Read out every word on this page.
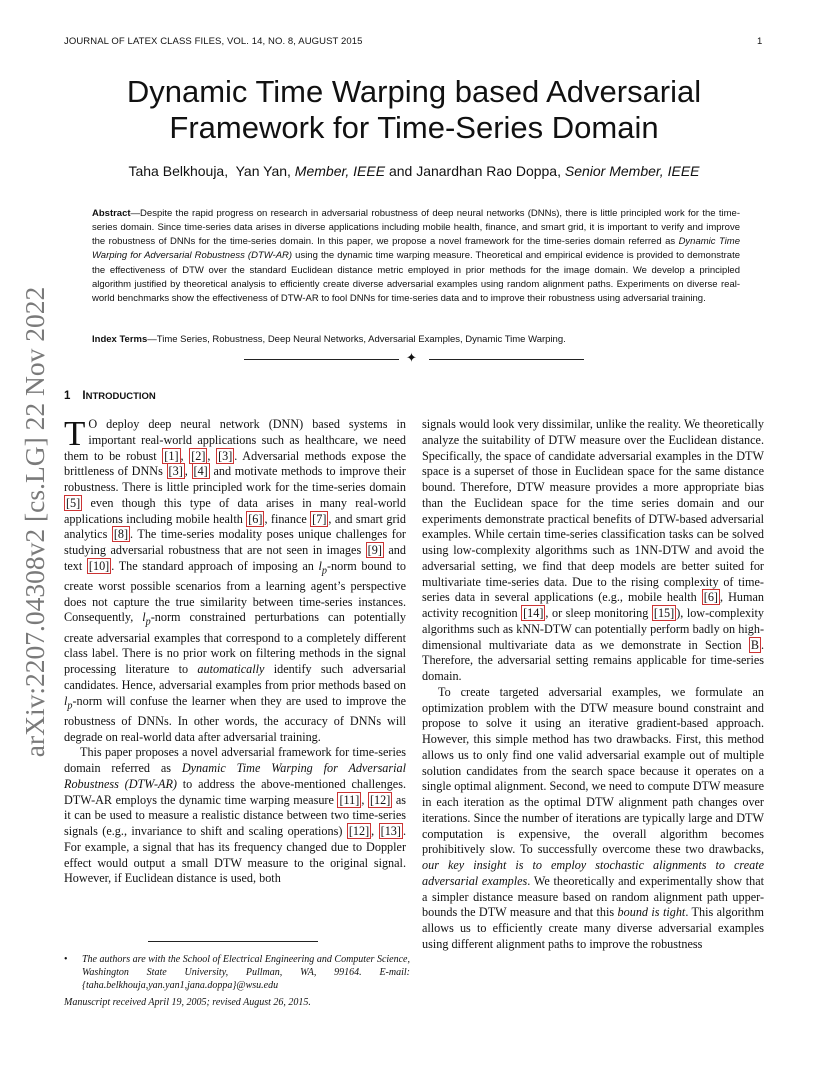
JOURNAL OF LATEX CLASS FILES, VOL. 14, NO. 8, AUGUST 2015	1
arXiv:2207.04308v2 [cs.LG] 22 Nov 2022
Dynamic Time Warping based Adversarial Framework for Time-Series Domain
Taha Belkhouja,  Yan Yan, Member, IEEE and Janardhan Rao Doppa, Senior Member, IEEE

Abstract—Despite the rapid progress on research in adversarial robustness of deep neural networks (DNNs), there is little principled work for the time-series domain. Since time-series data arises in diverse applications including mobile health, finance, and smart grid, it is important to verify and improve the robustness of DNNs for the time-series domain. In this paper, we propose a novel framework for the time-series domain referred as Dynamic Time Warping for Adversarial Robustness (DTW-AR) using the dynamic time warping measure. Theoretical and empirical evidence is provided to demonstrate the effectiveness of DTW over the standard Euclidean distance metric employed in prior methods for the image domain. We develop a principled algorithm justified by theoretical analysis to efficiently create diverse adversarial examples using random alignment paths. Experiments on diverse real-world benchmarks show the effectiveness of DTW-AR to fool DNNs for time-series data and to improve their robustness using adversarial training.

Index Terms—Time Series, Robustness, Deep Neural Networks, Adversarial Examples, Dynamic Time Warping.

✦
1 INTRODUCTION

T O deploy deep neural network (DNN) based systems in important real-world applications such as healthcare, we need them to be robust [1] , [2] , [3] . Adversarial methods expose the brittleness of DNNs [3] , [4] and motivate methods to improve their robustness. There is little principled work for the time-series domain [5] even though this type of data arises in many real-world applications including mobile health [6] , finance [7] , and smart grid analytics [8] . The time-series modality poses unique challenges for studying adversarial robustness that are not seen in images [9] and text [10] . The standard approach of imposing an $l_p$-norm bound to create worst possible scenarios from a learning agent’s perspective does not capture the true similarity between time-series instances. Consequently, $l_p$-norm constrained perturbations can potentially create adversarial examples that correspond to a completely different class label. There is no prior work on filtering methods in the signal processing literature to automatically identify such adversarial candidates. Hence, adversarial examples from prior methods based on $l_p$-norm will confuse the learner when they are used to improve the robustness of DNNs. In other words, the accuracy of DNNs will degrade on real-world data after adversarial training.

This paper proposes a novel adversarial framework for time-series domain referred as Dynamic Time Warping for Adversarial Robustness (DTW-AR) to address the above-mentioned challenges. DTW-AR employs the dynamic time warping measure [11] , [12] as it can be used to measure a realistic distance between two time-series signals (e.g., invariance to shift and scaling operations) [12] , [13] . For example, a signal that has its frequency changed due to Doppler effect would output a small DTW measure to the original signal. However, if Euclidean distance is used, both

signals would look very dissimilar, unlike the reality. We theoretically analyze the suitability of DTW measure over the Euclidean distance. Specifically, the space of candidate adversarial examples in the DTW space is a superset of those in Euclidean space for the same distance bound. Therefore, DTW measure provides a more appropriate bias than the Euclidean space for the time series domain and our experiments demonstrate practical benefits of DTW-based adversarial examples. While certain time-series classification tasks can be solved using low-complexity algorithms such as 1NN-DTW and avoid the adversarial setting, we find that deep models are better suited for multivariate time-series data. Due to the rising complexity of time-series data in several applications (e.g., mobile health [6] , Human activity recognition [14] , or sleep monitoring [15] ), low-complexity algorithms such as kNN-DTW can potentially perform badly on high-dimensional multivariate data as we demonstrate in Section B . Therefore, the adversarial setting remains applicable for time-series domain.

To create targeted adversarial examples, we formulate an optimization problem with the DTW measure bound constraint and propose to solve it using an iterative gradient-based approach. However, this simple method has two drawbacks. First, this method allows us to only find one valid adversarial example out of multiple solution candidates from the search space because it operates on a single optimal alignment. Second, we need to compute DTW measure in each iteration as the optimal DTW alignment path changes over iterations. Since the number of iterations are typically large and DTW computation is expensive, the overall algorithm becomes prohibitively slow. To successfully overcome these two drawbacks, our key insight is to employ stochastic alignments to create adversarial examples. We theoretically and experimentally show that a simpler distance measure based on random alignment path upper-bounds the DTW measure and that this bound is tight. This algorithm allows us to efficiently create many diverse adversarial examples using different alignment paths to improve the robustness

• The authors are with the School of Electrical Engineering and Computer Science, Washington State University, Pullman, WA, 99164. E-mail: {taha.belkhouja,yan.yan1,jana.doppa}@wsu.edu
Manuscript received April 19, 2005; revised August 26, 2015.
